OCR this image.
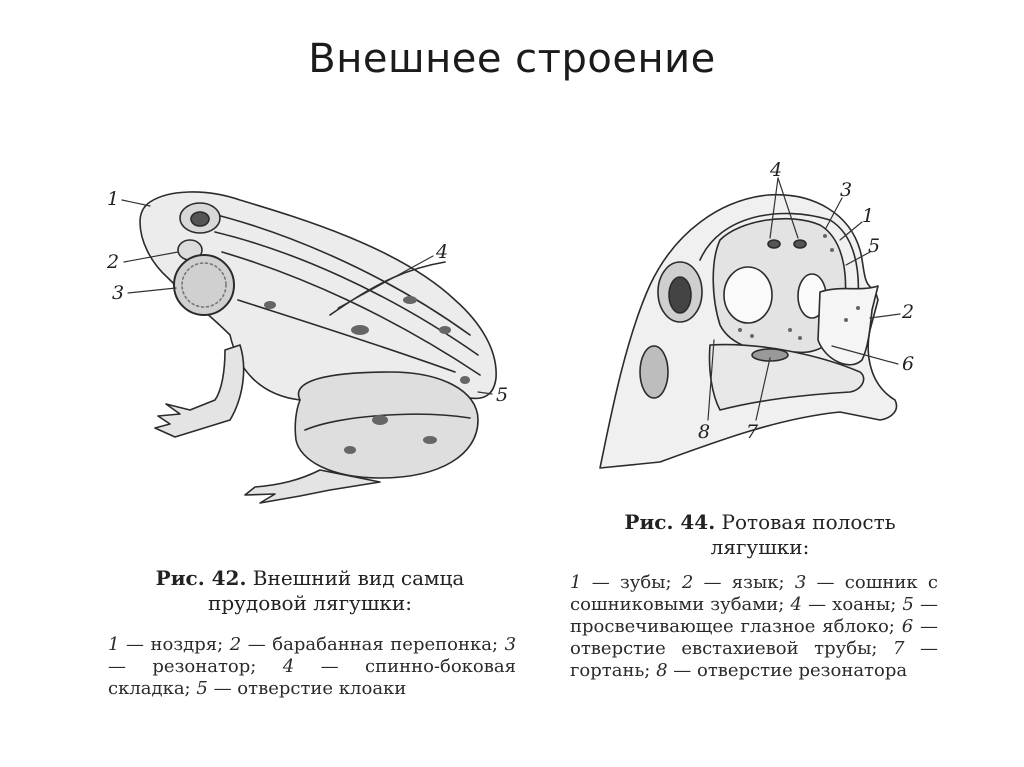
Внешнее строение
1
2
3
4
5
4
3
1
5
2
6
7
8
Рис. 42. Внешний вид самца прудовой лягушки:
1 — ноздря; 2 — барабанная перепонка; 3 — резонатор; 4 — спинно-боковая складка; 5 — отверстие клоаки
Рис. 44. Ротовая полость лягушки:
1 — зубы; 2 — язык; 3 — сошник с сошниковыми зубами; 4 — хоаны; 5 — просвечивающее глазное яблоко; 6 — отверстие евстахиевой трубы; 7 — гортань; 8 — отверстие резонатора
